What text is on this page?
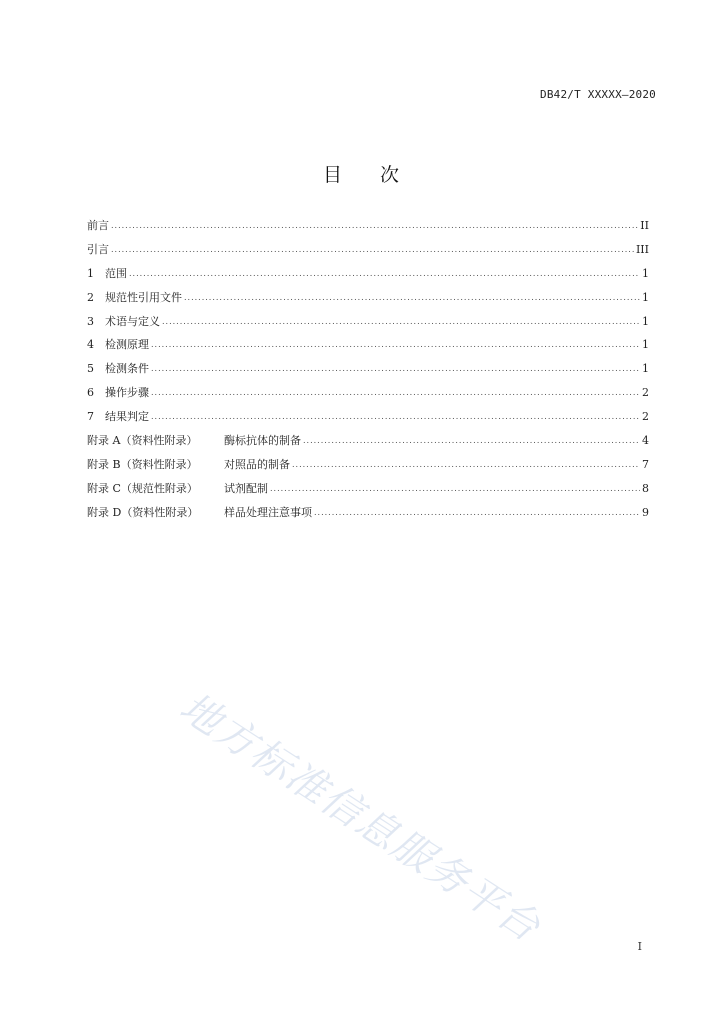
DB42/T XXXXX—2020
目 次
前言 .....	II
引言 .....	III
1	范围 .....	1
2	规范性引用文件 .....	1
3	术语与定义 .....	1
4	检测原理 .....	1
5	检测条件 .....	1
6	操作步骤 .....	2
7	结果判定 .....	2
附录 A（资料性附录）	酶标抗体的制备 .....	4
附录 B（资料性附录）	对照品的制备 .....	7
附录 C（规范性附录）	试剂配制 .....	8
附录 D（资料性附录）	样品处理注意事项 .....	9
地方标准信息服务平台	I
